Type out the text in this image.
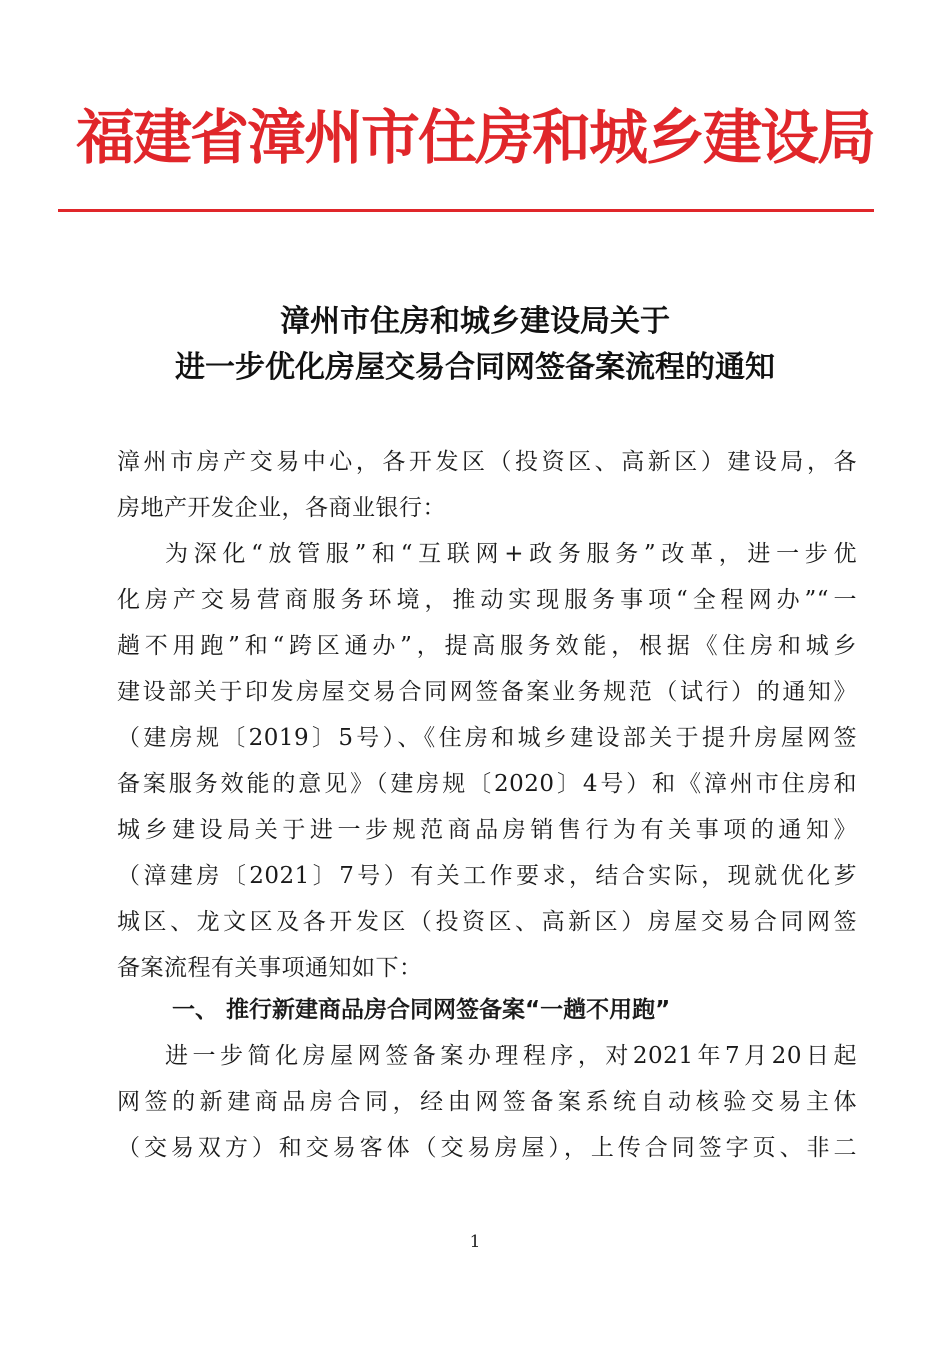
福建省漳州市住房和城乡建设局
漳州市住房和城乡建设局关于
进一步优化房屋交易合同网签备案流程的通知
漳州市房产交易中心，各开发区（投资区、高新区）建设局，各
房地产开发企业，各商业银行：
为深化“放管服”和“互联网+政务服务”改革，进一步优
化房产交易营商服务环境，推动实现服务事项“全程网办”“一
趟不用跑”和“跨区通办”，提高服务效能，根据《住房和城乡
建设部关于印发房屋交易合同网签备案业务规范（试行）的通知》
（建房规〔2019〕5号）、《住房和城乡建设部关于提升房屋网签
备案服务效能的意见》（建房规〔2020〕4号）和《漳州市住房和
城乡建设局关于进一步规范商品房销售行为有关事项的通知》
（漳建房〔2021〕7号）有关工作要求，结合实际，现就优化芗
城区、龙文区及各开发区（投资区、高新区）房屋交易合同网签
备案流程有关事项通知如下：
一、 推行新建商品房合同网签备案“一趟不用跑”
进一步简化房屋网签备案办理程序，对2021年7月20日起
网签的新建商品房合同，经由网签备案系统自动核验交易主体
（交易双方）和交易客体（交易房屋），上传合同签字页、非二
1
